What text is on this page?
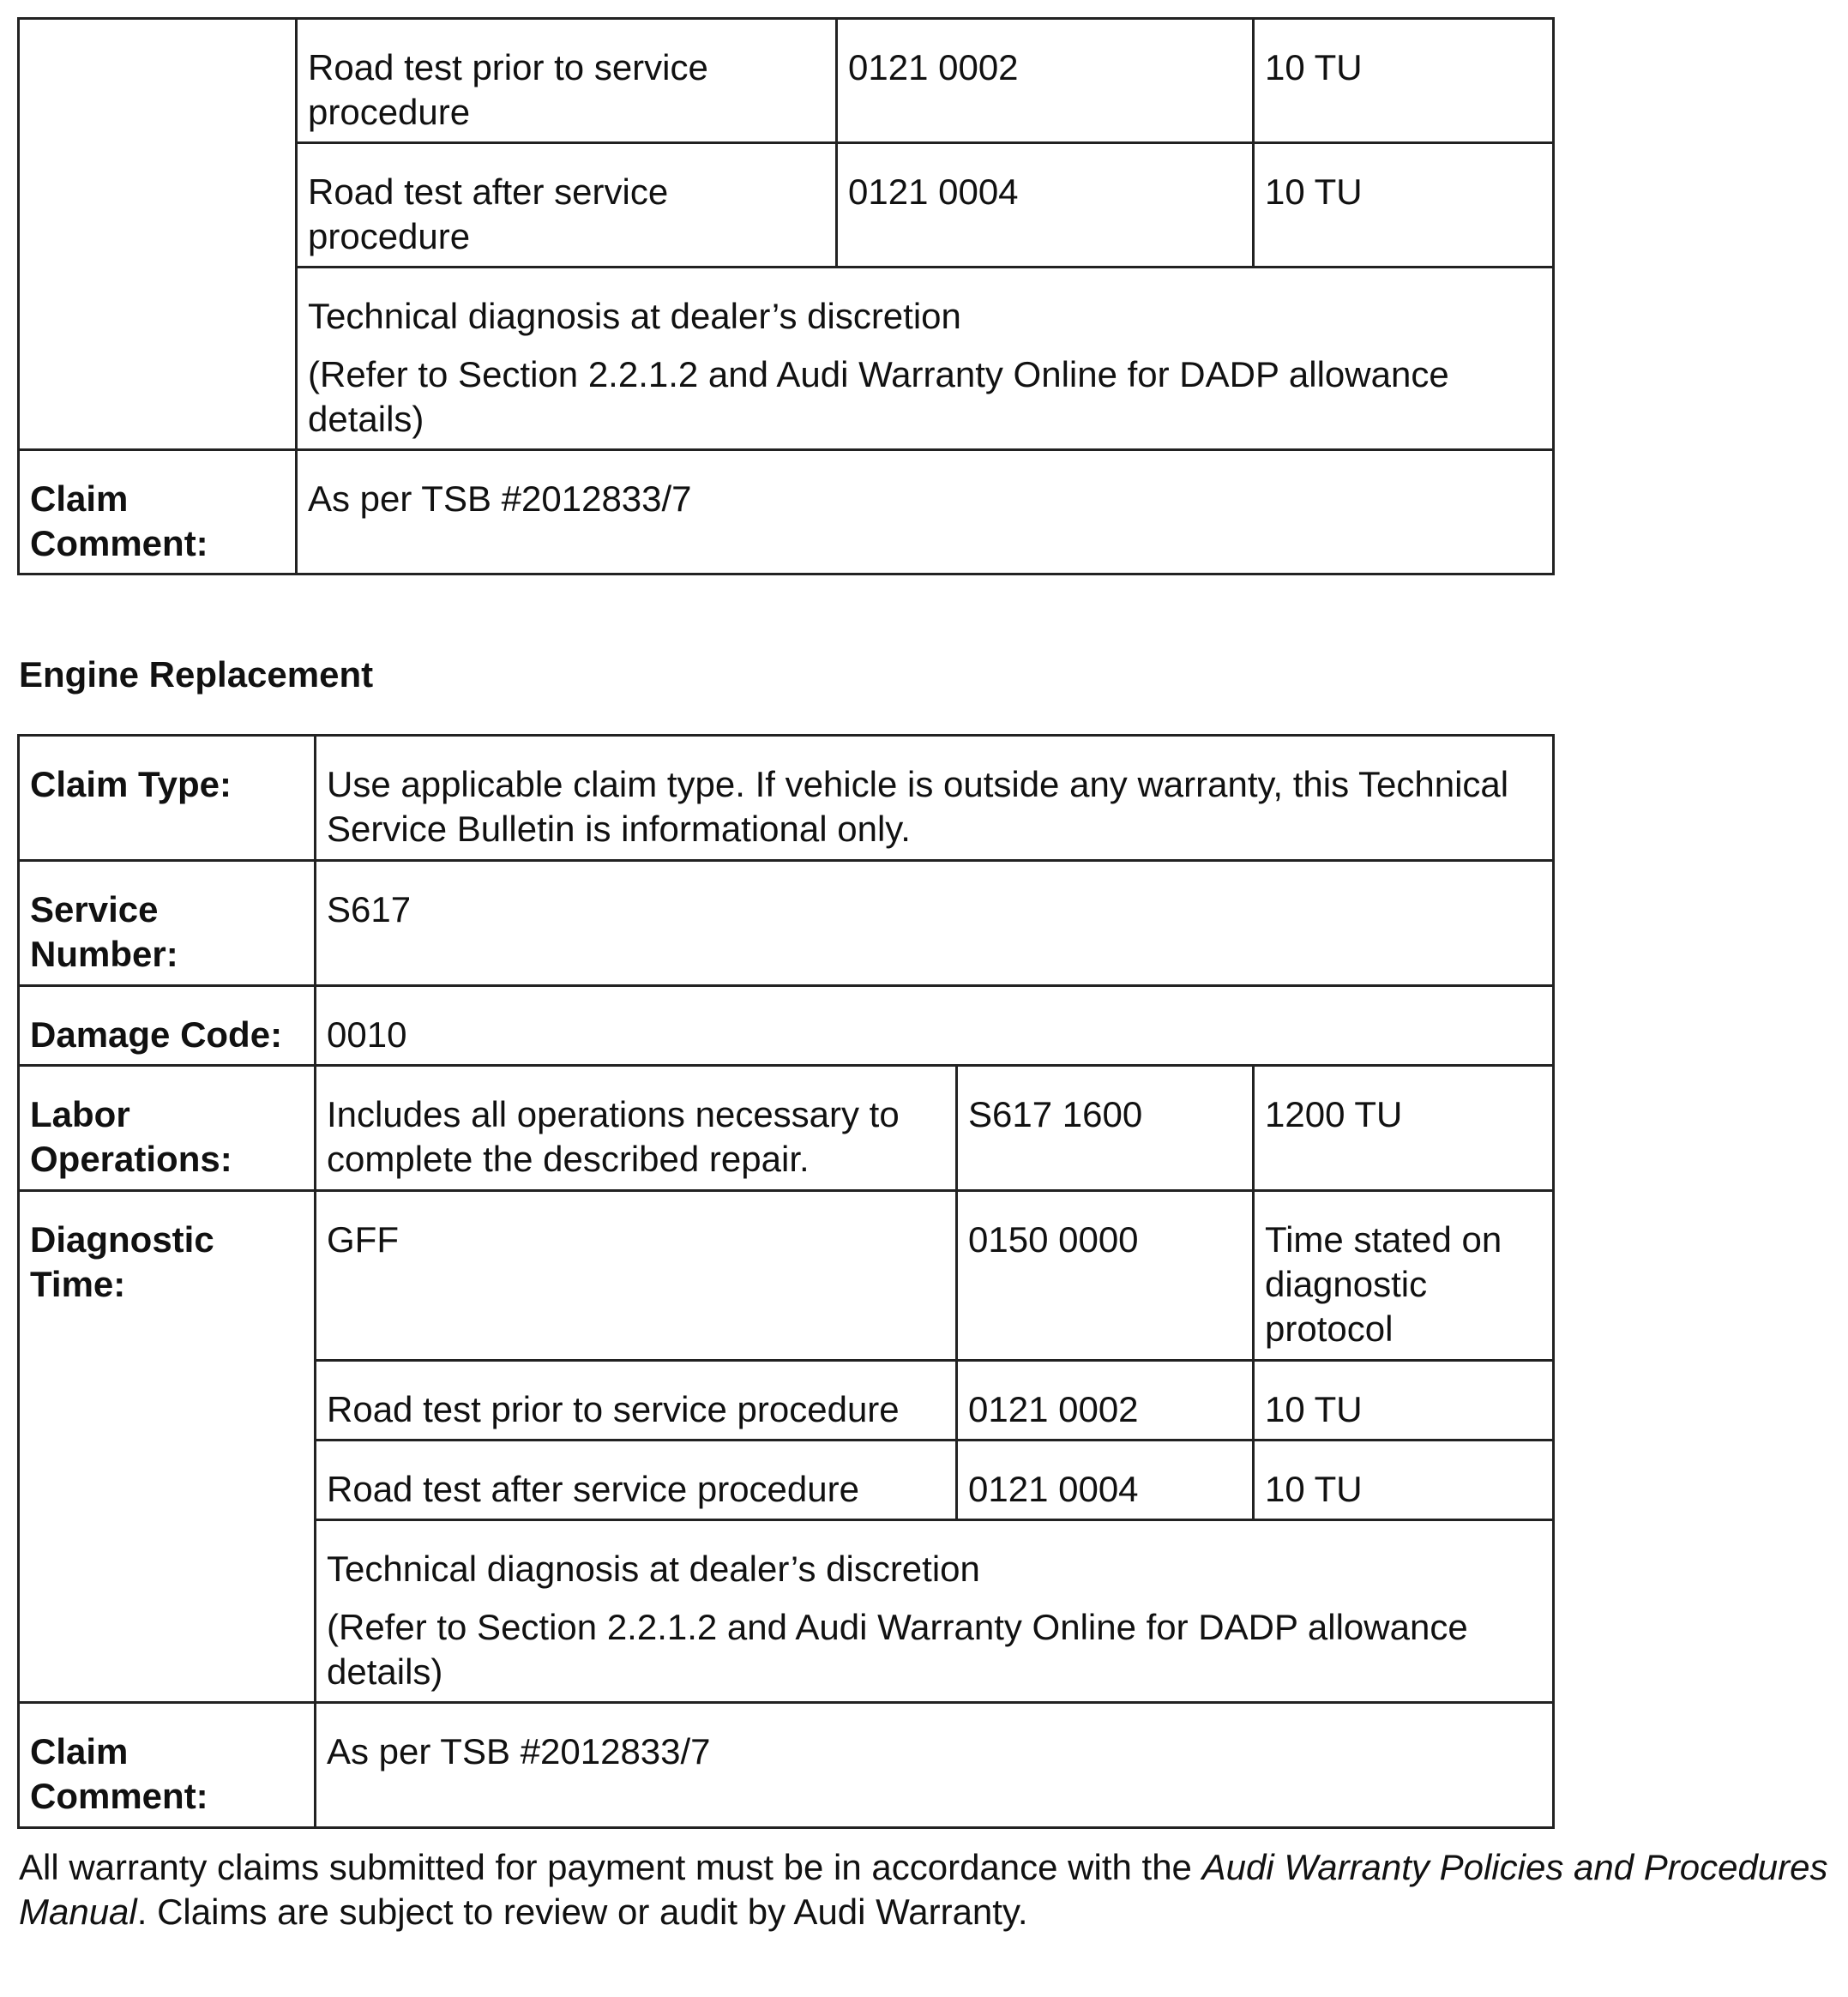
	Road test prior to service procedure	0121 0002	10 TU
	Road test after service procedure	0121 0004	10 TU

	Technical diagnosis at dealer’s discretion
(Refer to Section 2.2.1.2 and Audi Warranty Online for DADP allowance details)		

Claim Comment:	As per TSB #2012833/7		

Engine Replacement

Claim Type:	Use applicable claim type. If vehicle is outside any warranty, this Technical Service Bulletin is informational only.		
Service Number:	S617		
Damage Code:	0010		
Labor Operations:	Includes all operations necessary to complete the described repair.	S617 1600	1200 TU
Diagnostic Time:	GFF	0150 0000	Time stated on diagnostic protocol
	Road test prior to service procedure	0121 0002	10 TU
	Road test after service procedure	0121 0004	10 TU

	Technical diagnosis at dealer’s discretion
(Refer to Section 2.2.1.2 and Audi Warranty Online for DADP allowance details)		

Claim Comment:	As per TSB #2012833/7		

All warranty claims submitted for payment must be in accordance with the Audi Warranty Policies and Procedures Manual. Claims are subject to review or audit by Audi Warranty.
